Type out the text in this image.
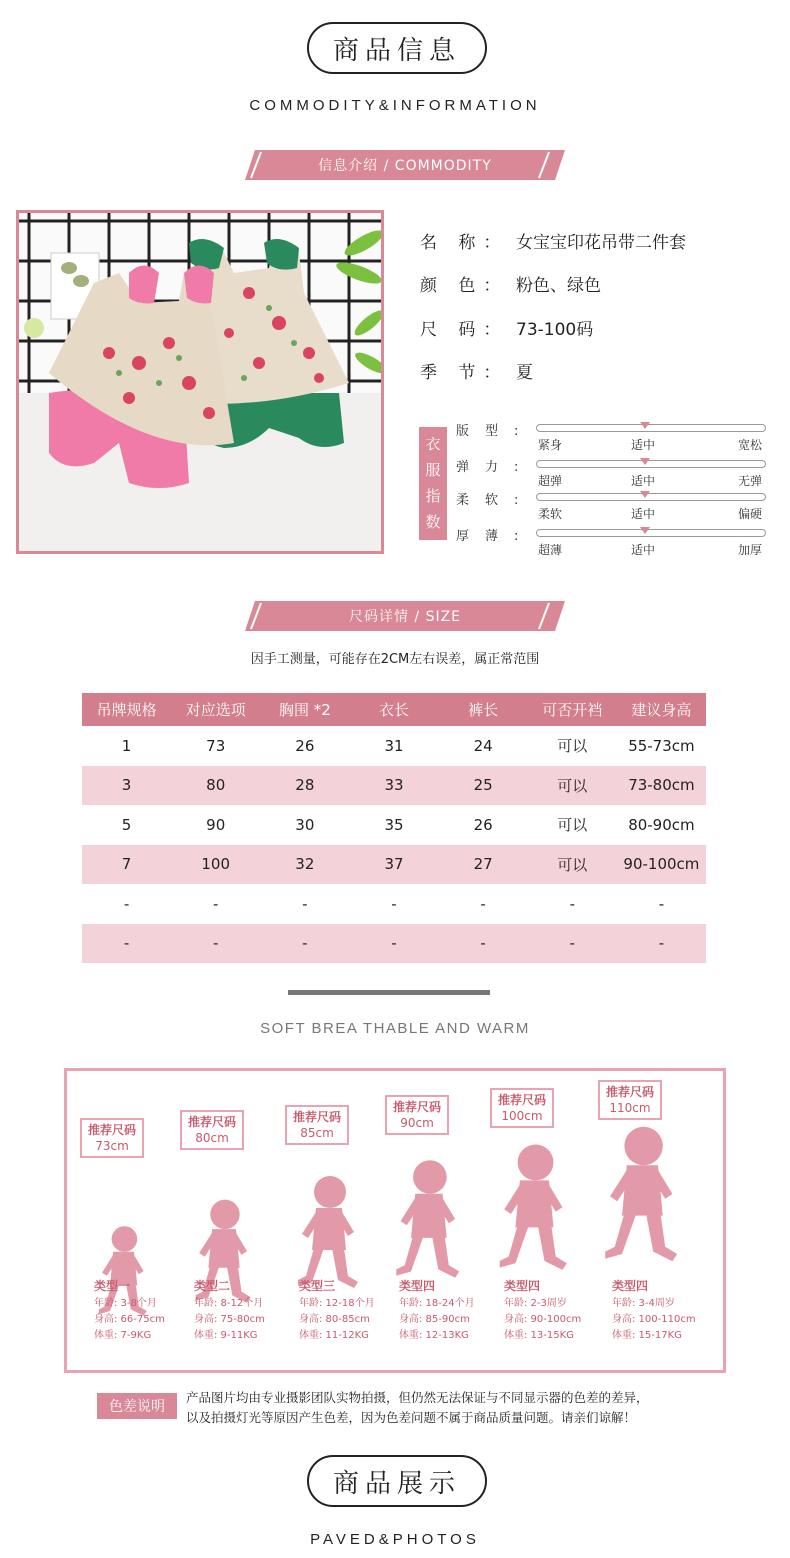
商品信息
COMMODITY&INFORMATION
信息介绍 / COMMODITY
名 称： 女宝宝印花吊带二件套
颜 色： 粉色、绿色
尺 码： 73-100码
季 节： 夏
衣服指数
版型:
紧身	适中	宽松
弹力:
超弹	适中	无弹
柔软:
柔软	适中	偏硬
厚薄:
超薄	适中	加厚
尺码详情 / SIZE
因手工测量，可能存在2CM左右误差，属正常范围
吊牌规格	对应选项	胸围 *2	衣长	裤长	可否开裆	建议身高
1	73	26	31	24	可以	55-73cm
3	80	28	33	25	可以	73-80cm
5	90	30	35	26	可以	80-90cm
7	100	32	37	27	可以	90-100cm
-	-	-	-	-	-	-
-	-	-	-	-	-	-
SOFT BREA THABLE AND WARM
推荐尺码
73cm
类型一
年龄: 3-8个月
身高: 66-75cm
体重: 7-9KG
推荐尺码
80cm
类型二
年龄: 8-12个月
身高: 75-80cm
体重: 9-11KG
推荐尺码
85cm
类型三
年龄: 12-18个月
身高: 80-85cm
体重: 11-12KG
推荐尺码
90cm
类型四
年龄: 18-24个月
身高: 85-90cm
体重: 12-13KG
推荐尺码
100cm
类型四
年龄: 2-3周岁
身高: 90-100cm
体重: 13-15KG
推荐尺码
110cm
类型四
年龄: 3-4周岁
身高: 100-110cm
体重: 15-17KG
色差说明
产品图片均由专业摄影团队实物拍摄，但仍然无法保证与不同显示器的色差的差异，
以及拍摄灯光等原因产生色差，因为色差问题不属于商品质量问题。请亲们谅解！
商品展示
PAVED&PHOTOS
